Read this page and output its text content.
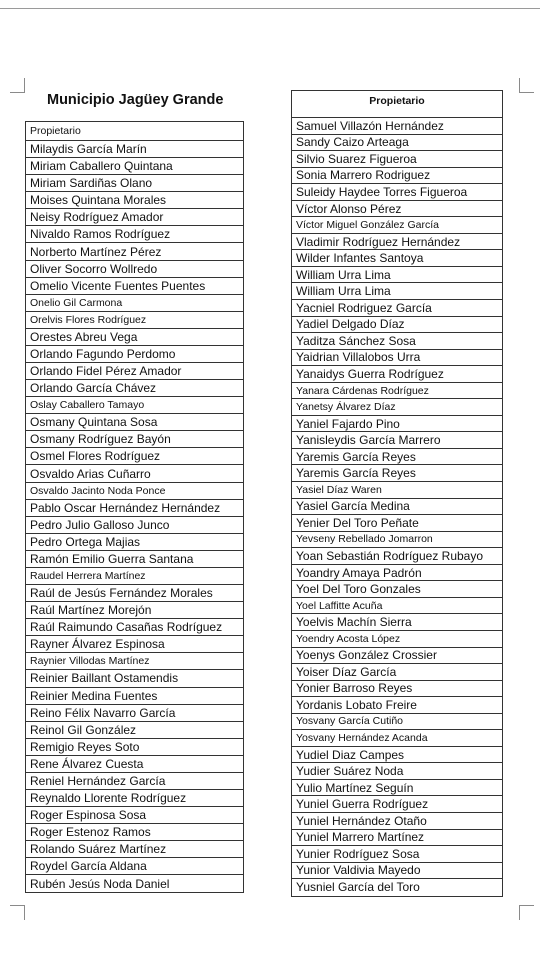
Municipio Jagüey Grande
Propietario
Milaydis García Marín
Miriam Caballero Quintana
Miriam Sardiñas Olano
Moises Quintana Morales
Neisy Rodríguez Amador
Nivaldo Ramos Rodríguez
Norberto Martínez Pérez
Oliver Socorro Wollredo
Omelio Vicente Fuentes Puentes
Onelio Gil Carmona
Orelvis Flores Rodríguez
Orestes Abreu Vega
Orlando Fagundo Perdomo
Orlando Fidel Pérez Amador
Orlando García Chávez
Oslay Caballero Tamayo
Osmany Quintana Sosa
Osmany Rodríguez Bayón
Osmel Flores Rodríguez
Osvaldo Arias Cuñarro
Osvaldo Jacinto Noda Ponce
Pablo Oscar Hernández Hernández
Pedro Julio Galloso Junco
Pedro Ortega Majias
Ramón Emilio Guerra Santana
Raudel Herrera Martínez
Raúl de Jesús Fernández Morales
Raúl Martínez Morejón
Raúl Raimundo Casañas Rodríguez
Rayner Álvarez Espinosa
Raynier Villodas Martínez
Reinier Baillant Ostamendis
Reinier Medina Fuentes
Reino Félix Navarro García
Reinol Gil González
Remigio Reyes Soto
Rene Álvarez Cuesta
Reniel Hernández García
Reynaldo Llorente Rodríguez
Roger Espinosa Sosa
Roger Estenoz Ramos
Rolando Suárez Martínez
Roydel García Aldana
Rubén Jesús Noda Daniel
Propietario
Samuel Villazón Hernández
Sandy Caizo Arteaga
Silvio Suarez Figueroa
Sonia Marrero Rodriguez
Suleidy Haydee Torres Figueroa
Víctor Alonso Pérez
Víctor Miguel González García
Vladimir Rodríguez Hernández
Wilder Infantes Santoya
William Urra Lima
William Urra Lima
Yacniel Rodriguez García
Yadiel Delgado Díaz
Yaditza Sánchez Sosa
Yaidrian Villalobos Urra
Yanaidys Guerra Rodríguez
Yanara Cárdenas Rodríguez
Yanetsy Álvarez Díaz
Yaniel Fajardo Pino
Yanisleydis García Marrero
Yaremis García Reyes
Yaremis García Reyes
Yasiel Díaz Waren
Yasiel García Medina
Yenier Del Toro Peñate
Yevseny Rebellado Jomarron
Yoan Sebastián Rodríguez Rubayo
Yoandry Amaya Padrón
Yoel Del Toro Gonzales
Yoel Laffitte Acuña
Yoelvis Machín Sierra
Yoendry Acosta López
Yoenys González Crossier
Yoiser Díaz García
Yonier Barroso Reyes
Yordanis Lobato Freire
Yosvany García Cutiño
Yosvany Hernández Acanda
Yudiel Diaz Campes
Yudier Suárez Noda
Yulio Martínez Seguín
Yuniel Guerra Rodríguez
Yuniel Hernández Otaño
Yuniel Marrero Martínez
Yunier Rodríguez Sosa
Yunior Valdivia Mayedo
Yusniel García del Toro
